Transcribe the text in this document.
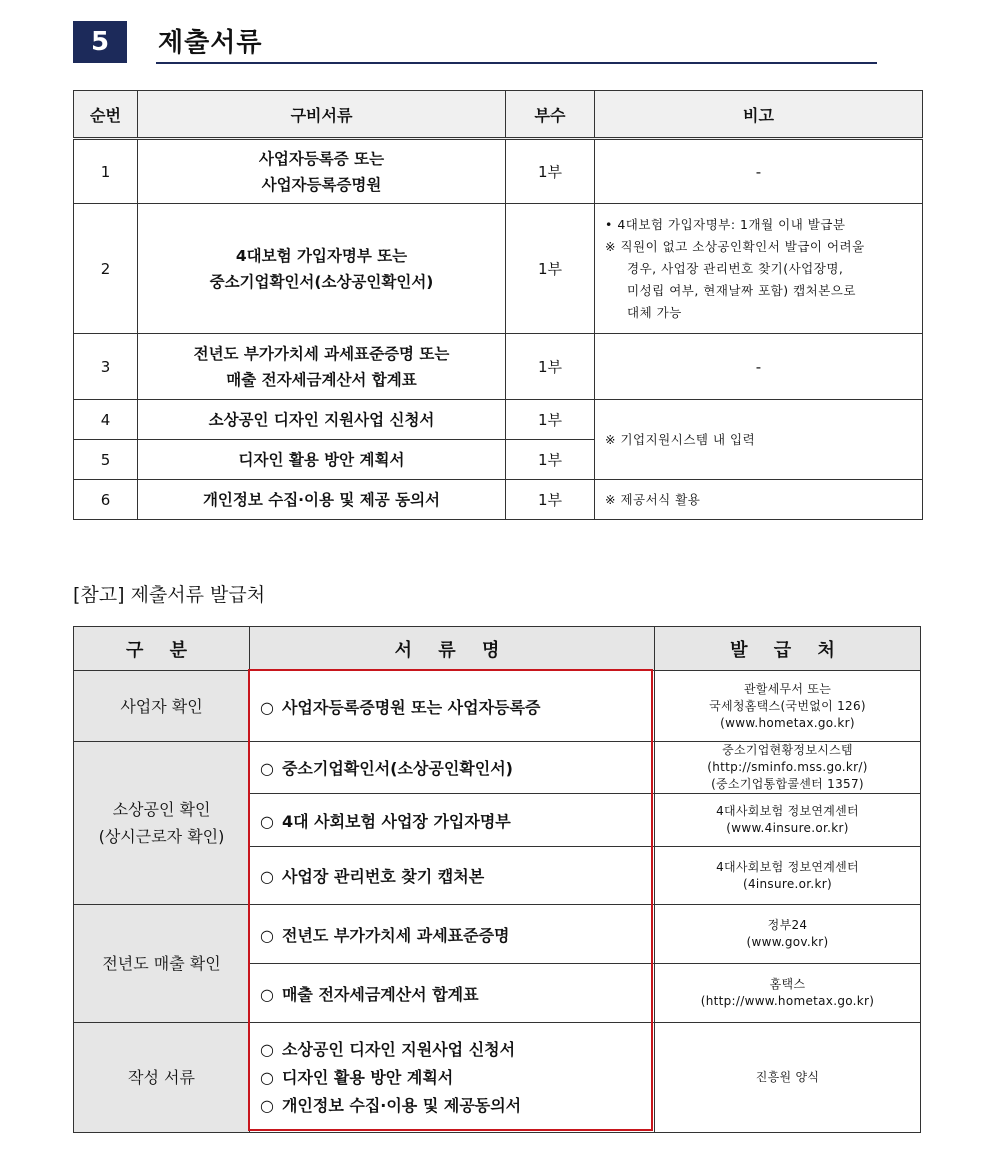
5	제출서류
순번	구비서류	부수	비고
1	사업자등록증 또는
사업자등록증명원	1부	-
2	4대보험 가입자명부 또는
중소기업확인서(소상공인확인서)	1부	• 4대보험 가입자명부: 1개월 이내 발급분
※ 직원이 없고 소상공인확인서 발급이 어려울
경우, 사업장 관리번호 찾기(사업장명,
미성립 여부, 현재날짜 포함) 캡처본으로
대체 가능

3	전년도 부가가치세 과세표준증명 또는
매출 전자세금계산서 합계표	1부	-
4	소상공인 디자인 지원사업 신청서	1부	※ 기업지원시스템 내 입력
5	디자인 활용 방안 계획서	1부	
6	개인정보 수집·이용 및 제공 동의서	1부	※ 제공서식 활용
[참고] 제출서류 발급처
구 분	서 류 명	발 급 처
사업자 확인	○ 사업자등록증명원 또는 사업자등록증	관할세무서 또는
국세청홈택스(국번없이 126)
(www.hometax.go.kr)

소상공인 확인
(상시근로자 확인)	○ 중소기업확인서(소상공인확인서)	중소기업현황정보시스템
(http://sminfo.mss.go.kr/)
(중소기업통합콜센터 1357)

	○ 4대 사회보험 사업장 가입자명부	4대사회보험 정보연계센터
(www.4insure.or.kr)

	○ 사업장 관리번호 찾기 캡처본	4대사회보험 정보연계센터
(4insure.or.kr)

전년도 매출 확인	○ 전년도 부가가치세 과세표준증명	정부24
(www.gov.kr)

	○ 매출 전자세금계산서 합계표	홈택스
(http://www.hometax.go.kr)

작성 서류	○ 소상공인 디자인 지원사업 신청서
○ 디자인 활용 방안 계획서
○ 개인정보 수집·이용 및 제공동의서	진흥원 양식
